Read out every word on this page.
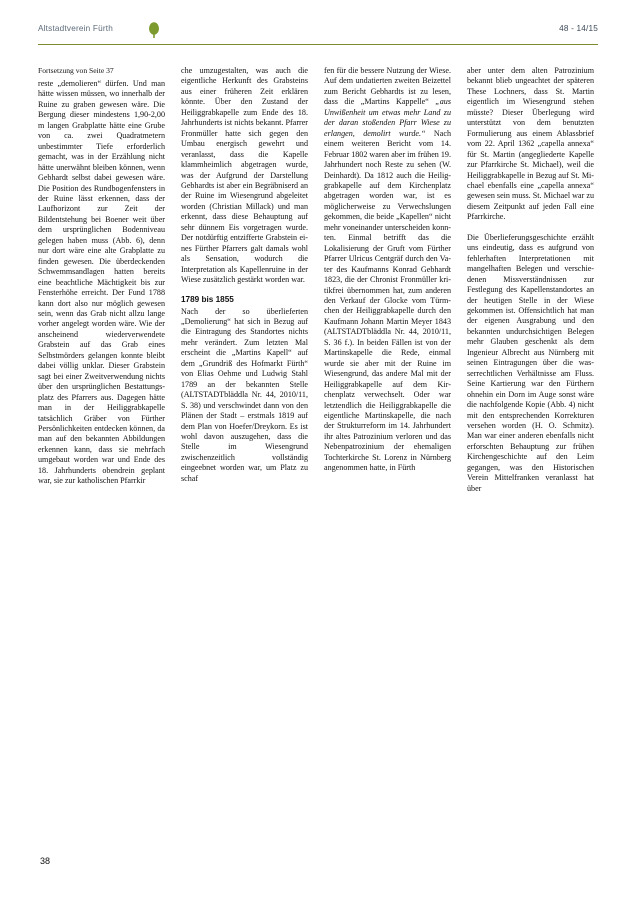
Altstadtverein Fürth	48 - 14/15
Fortsetzung von Seite 37

reste „demolieren“ dürfen. Und man hätte wissen müssen, wo innerhalb der Ruine zu graben gewesen wäre. Die Bergung dieser mindestens 1,90-2,00 m langen Grabplatte hätte eine Grube von ca. zwei Quadratmetern unbestimmter Tiefe erforderlich gemacht, was in der Erzählung nicht hätte unerwähnt bleiben können, wenn Gebhardt selbst dabei gewesen wäre. Die Position des Rundbogenfensters in der Ruine lässt erkennen, dass der Laufhorizont zur Zeit der Bildentstehung bei Boener weit über dem ursprünglichen Bodenniveau gelegen haben muss (Abb. 6), denn nur dort wäre eine alte Grabplatte zu finden gewesen. Die überdeckenden Schwemmsandlagen hatten bereits eine beachtliche Mächtigkeit bis zur Fensterhöhe erreicht. Der Fund 1788 kann dort also nur möglich gewesen sein, wenn das Grab nicht allzu lange vorher angelegt worden wäre. Wie der anscheinend wiederverwendete Grabstein auf das Grab eines Selbstmörders gelangen konnte bleibt dabei völlig unklar. Dieser Grabstein sagt bei einer Zweitverwendung nichts über den ursprünglichen Bestattungsplatz des Pfarrers aus. Dagegen hätte man in der Heiliggrabkapelle tatsächlich Gräber von Fürther Persönlichkeiten entdecken können, da man auf den bekannten Abbildungen erkennen kann, dass sie mehrfach umgebaut worden war und Ende des 18. Jahrhunderts obendrein geplant war, sie zur katholischen Pfarrkir

che umzugestalten, was auch die eigentliche Herkunft des Grabsteins aus einer früheren Zeit erklären könnte. Über den Zustand der Heiliggrabkapelle zum Ende des 18. Jahrhunderts ist nichts bekannt. Pfarrer Fronmüller hatte sich gegen den Umbau energisch gewehrt und veranlasst, dass die Kapelle klammheimlich abgetragen wurde, was der Aufgrund der Darstellung Gebhardts ist aber ein Begräbniserd an der Ruine im Wiesengrund abgeleitet worden (Christian Millack) und man erkennt, dass diese Behauptung auf sehr dünnem Eis vorgetragen wurde. Der notdürftig entzifferte Grabstein eines Fürther Pfarrers galt damals wohl als Sensation, wodurch die Interpretation als Kapellenruine in der Wiese zusätzlich gestärkt worden war.

1789 bis 1855

Nach der so überlieferten „Demolierung“ hat sich in Bezug auf die Eintragung des Standortes nichts mehr verändert. Zum letzten Mal erscheint die „Martins Kapell“ auf dem „Grundriß des Hofmarkt Fürth“ von Elias Oehme und Ludwig Stahl 1789 an der bekannten Stelle (ALTSTADTbläddla Nr. 44, 2010/11, S. 38) und verschwindet dann von den Plänen der Stadt – erstmals 1819 auf dem Plan von Hoefer/Dreykorn. Es ist wohl davon auszugehen, dass die Stelle im Wiesengrund zwischenzeitlich vollständig eingeebnet worden war, um Platz zu schaf

fen für die bessere Nutzung der Wiese. Auf dem undatierten zweiten Beizettel zum Bericht Gebhardts ist zu lesen, dass die „Martins Kappelle“ „aus Unwißenheit um etwas mehr Land zu der daran stoßenden Pfarr Wiese zu erlangen, demolirt wurde.“ Nach einem weiteren Bericht vom 14. Februar 1802 waren aber im frühen 19. Jahrhundert noch Reste zu sehen (W. Deinhardt). Da 1812 auch die Heiliggrabkapelle auf dem Kirchenplatz abgetragen worden war, ist es möglicherweise zu Verwechslungen gekommen, die beide „Kapellen“ nicht mehr voneinander unterscheiden konnten. Einmal betrifft das die Lokalisierung der Gruft vom Fürther Pfarrer Ulricus Centgräf durch den Vater des Kaufmanns Konrad Gebhardt 1823, die der Chronist Fronmüller kritikfrei übernommen hat, zum anderen den Verkauf der Glocke vom Türmchen der Heiliggrabkapelle durch den Kaufmann Johann Martin Meyer 1843 (ALTSTADTbläddla Nr. 44, 2010/11, S. 36 f.). In beiden Fällen ist von der Martinskapelle die Rede, einmal wurde sie aber mit der Ruine im Wiesengrund, das andere Mal mit der Heiliggrabkapelle auf dem Kirchenplatz verwechselt. Oder war letztendlich die Heiliggrabkapelle die eigentliche Martinskapelle, die nach der Strukturreform im 14. Jahrhundert ihr altes Patrozinium verloren und das Nebenpatrozinium der ehemaligen Tochterkirche St. Lorenz in Nürnberg angenommen hatte, in Fürth

aber unter dem alten Patrozinium bekannt blieb ungeachtet der späteren These Lochners, dass St. Martin eigentlich im Wiesengrund stehen müsste? Dieser Überlegung wird unterstützt von dem benutzten Formulierung aus einem Ablassbrief vom 22. April 1362 „capella annexa“ für St. Martin (angegliederte Kapelle zur Pfarrkirche St. Michael), weil die Heiliggrabkapelle in Bezug auf St. Michael ebenfalls eine „capella annexa“ gewesen sein muss. St. Michael war zu diesem Zeitpunkt auf jeden Fall eine Pfarrkirche.

Die Überlieferungsgeschichte erzählt uns eindeutig, dass es aufgrund von fehlerhaften Interpretationen mit mangelhaften Belegen und verschiedenen Missverständnissen zur Festlegung des Kapellenstandortes an der heutigen Stelle in der Wiese gekommen ist. Offensichtlich hat man der eigenen Ausgrabung und den bekannten undurchsichtigen Belegen mehr Glauben geschenkt als dem Ingenieur Albrecht aus Nürnberg mit seinen Eintragungen über die wasserrechtlichen Verhältnisse am Fluss. Seine Kartierung war den Fürthern ohnehin ein Dorn im Auge sonst wäre die nachfolgende Kopie (Abb. 4) nicht mit den entsprechenden Korrekturen versehen worden (H. O. Schmitz). Man war einer anderen ebenfalls nicht erforschten Behauptung zur frühen Kirchengeschichte auf den Leim gegangen, was den Historischen Verein Mittelfranken veranlasst hat über

38
